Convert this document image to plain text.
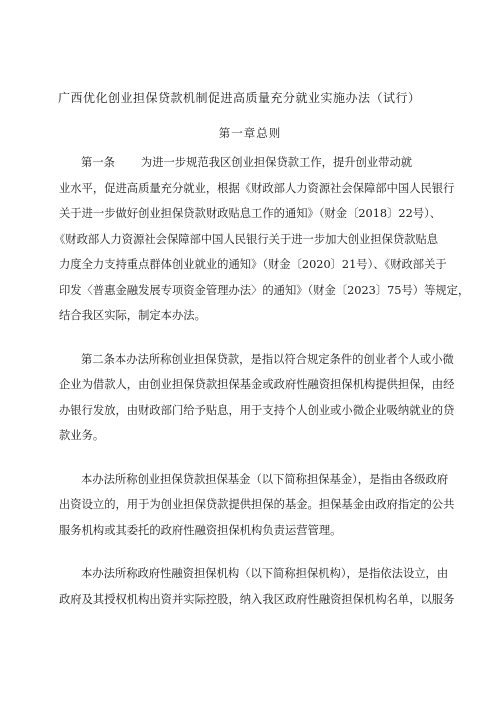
广西优化创业担保贷款机制促进高质量充分就业实施办法（试行）
第一章总则
第一条 为进一步规范我区创业担保贷款工作，提升创业带动就
业水平，促进高质量充分就业，根据《财政部人力资源社会保障部中国人民银行
关于进一步做好创业担保贷款财政贴息工作的通知》（财金〔2018〕22号）、
《财政部人力资源社会保障部中国人民银行关于进一步加大创业担保贷款贴息
力度全力支持重点群体创业就业的通知》（财金〔2020〕21号）、《财政部关于
印发〈普惠金融发展专项资金管理办法〉的通知》（财金〔2023〕75号）等规定，
结合我区实际，制定本办法。
第二条本办法所称创业担保贷款，是指以符合规定条件的创业者个人或小微
企业为借款人，由创业担保贷款担保基金或政府性融资担保机构提供担保，由经
办银行发放，由财政部门给予贴息，用于支持个人创业或小微企业吸纳就业的贷
款业务。
本办法所称创业担保贷款担保基金（以下简称担保基金），是指由各级政府
出资设立的，用于为创业担保贷款提供担保的基金。担保基金由政府指定的公共
服务机构或其委托的政府性融资担保机构负责运营管理。
本办法所称政府性融资担保机构（以下简称担保机构），是指依法设立，由
政府及其授权机构出资并实际控股，纳入我区政府性融资担保机构名单，以服务
